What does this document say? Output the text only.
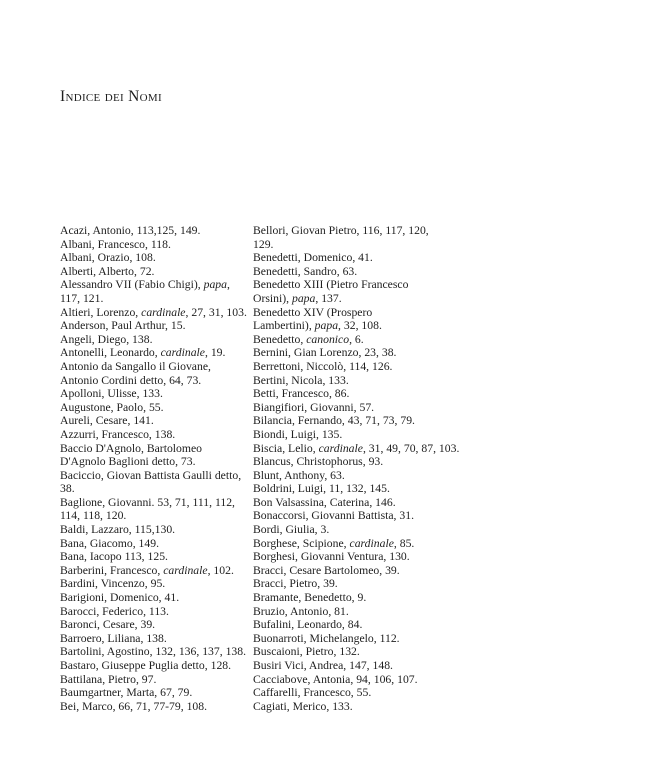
Indice dei Nomi
Acazi, Antonio, 113,125, 149.
Albani, Francesco, 118.
Albani, Orazio, 108.
Alberti, Alberto, 72.
Alessandro VII (Fabio Chigi), papa,
117, 121.
Altieri, Lorenzo, cardinale, 27, 31, 103.
Anderson, Paul Arthur, 15.
Angeli, Diego, 138.
Antonelli, Leonardo, cardinale, 19.
Antonio da Sangallo il Giovane,
Antonio Cordini detto, 64, 73.
Apolloni, Ulisse, 133.
Augustone, Paolo, 55.
Aureli, Cesare, 141.
Azzurri, Francesco, 138.
Baccio D'Agnolo, Bartolomeo
D'Agnolo Baglioni detto, 73.
Baciccio, Giovan Battista Gaulli detto,
38.
Baglione, Giovanni. 53, 71, 111, 112,
114, 118, 120.
Baldi, Lazzaro, 115,130.
Bana, Giacomo, 149.
Bana, Iacopo 113, 125.
Barberini, Francesco, cardinale, 102.
Bardini, Vincenzo, 95.
Barigioni, Domenico, 41.
Barocci, Federico, 113.
Baronci, Cesare, 39.
Barroero, Liliana, 138.
Bartolini, Agostino, 132, 136, 137, 138.
Bastaro, Giuseppe Puglia detto, 128.
Battilana, Pietro, 97.
Baumgartner, Marta, 67, 79.
Bei, Marco, 66, 71, 77-79, 108.
Bellori, Giovan Pietro, 116, 117, 120,
129.
Benedetti, Domenico, 41.
Benedetti, Sandro, 63.
Benedetto XIII (Pietro Francesco
Orsini), papa, 137.
Benedetto XIV (Prospero
Lambertini), papa, 32, 108.
Benedetto, canonico, 6.
Bernini, Gian Lorenzo, 23, 38.
Berrettoni, Niccolò, 114, 126.
Bertini, Nicola, 133.
Betti, Francesco, 86.
Biangifiori, Giovanni, 57.
Bilancia, Fernando, 43, 71, 73, 79.
Biondi, Luigi, 135.
Biscia, Lelio, cardinale, 31, 49, 70, 87, 103.
Blancus, Christophorus, 93.
Blunt, Anthony, 63.
Boldrini, Luigi, 11, 132, 145.
Bon Valsassina, Caterina, 146.
Bonaccorsi, Giovanni Battista, 31.
Bordi, Giulia, 3.
Borghese, Scipione, cardinale, 85.
Borghesi, Giovanni Ventura, 130.
Bracci, Cesare Bartolomeo, 39.
Bracci, Pietro, 39.
Bramante, Benedetto, 9.
Bruzio, Antonio, 81.
Bufalini, Leonardo, 84.
Buonarroti, Michelangelo, 112.
Buscaioni, Pietro, 132.
Busiri Vici, Andrea, 147, 148.
Cacciabove, Antonia, 94, 106, 107.
Caffarelli, Francesco, 55.
Cagiati, Merico, 133.
